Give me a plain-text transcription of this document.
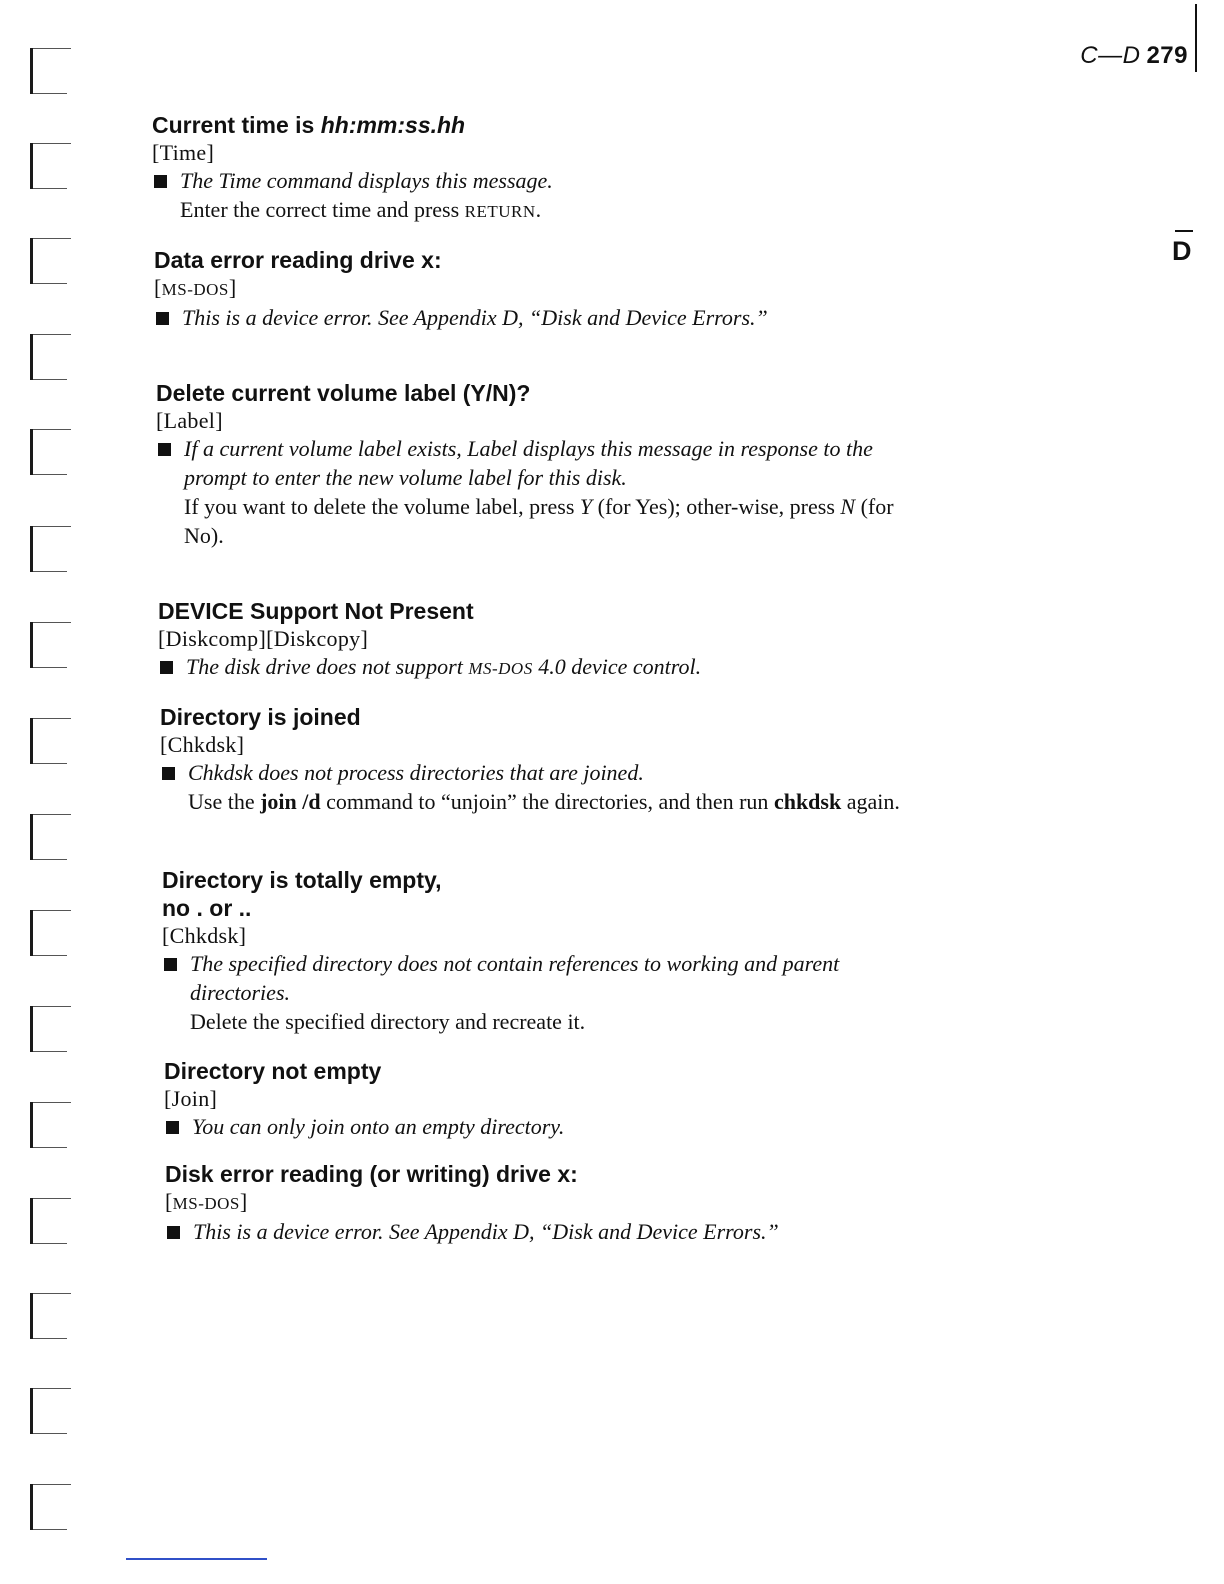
C—D 279
D
Current time is hh:mm:ss.hh
[Time]
The Time command displays this message.
Enter the correct time and press RETURN.
Data error reading drive x:
[MS-DOS]
This is a device error. See Appendix D, “Disk and Device Errors.”
Delete current volume label (Y/N)?
[Label]
If a current volume label exists, Label displays this message in response to the prompt to enter the new volume label for this disk.
If you want to delete the volume label, press Y (for Yes); other-wise, press N (for No).
DEVICE Support Not Present
[Diskcomp][Diskcopy]
The disk drive does not support MS-DOS 4.0 device control.
Directory is joined
[Chkdsk]
Chkdsk does not process directories that are joined.
Use the join /d command to “unjoin” the directories, and then run chkdsk again.
Directory is totally empty,
no . or ..
[Chkdsk]
The specified directory does not contain references to working and parent directories.
Delete the specified directory and recreate it.
Directory not empty
[Join]
You can only join onto an empty directory.
Disk error reading (or writing) drive x:
[MS-DOS]
This is a device error. See Appendix D, “Disk and Device Errors.”
